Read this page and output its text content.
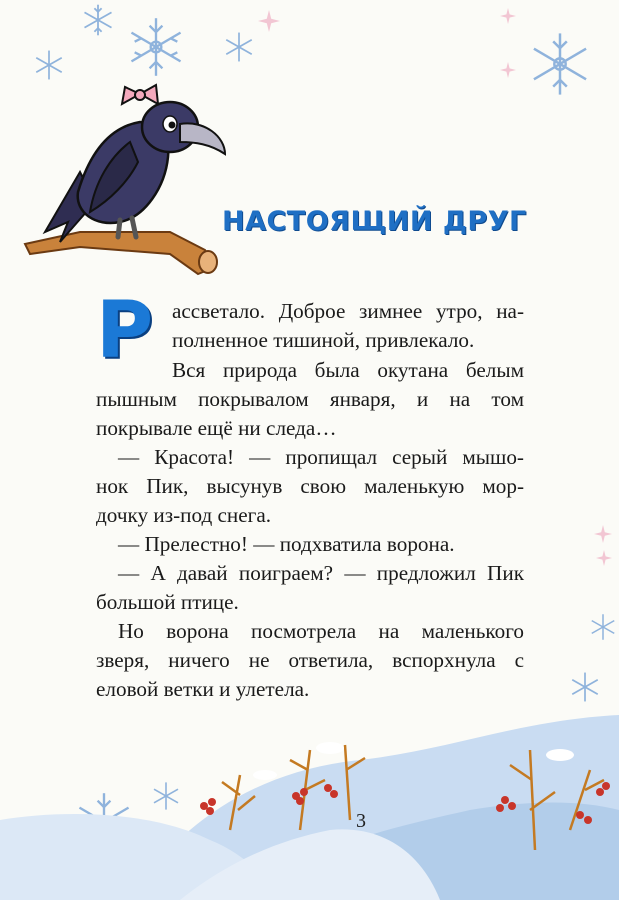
НАСТОЯЩИЙ ДРУГ
Р ассветало. Доброе зимнее утро, на-
полненное тишиной, привлекало.
Вся природа была окутана белым
пышным покрывалом января, и на том
покрывале ещё ни следа…
— Красота! — пропищал серый мышо-
нок Пик, высунув свою маленькую мор-
дочку из-под снега.
— Прелестно! — подхватила ворона.
— А давай поиграем? — предложил Пик
большой птице.
Но ворона посмотрела на маленького
зверя, ничего не ответила, вспорхнула с
еловой ветки и улетела.
3
